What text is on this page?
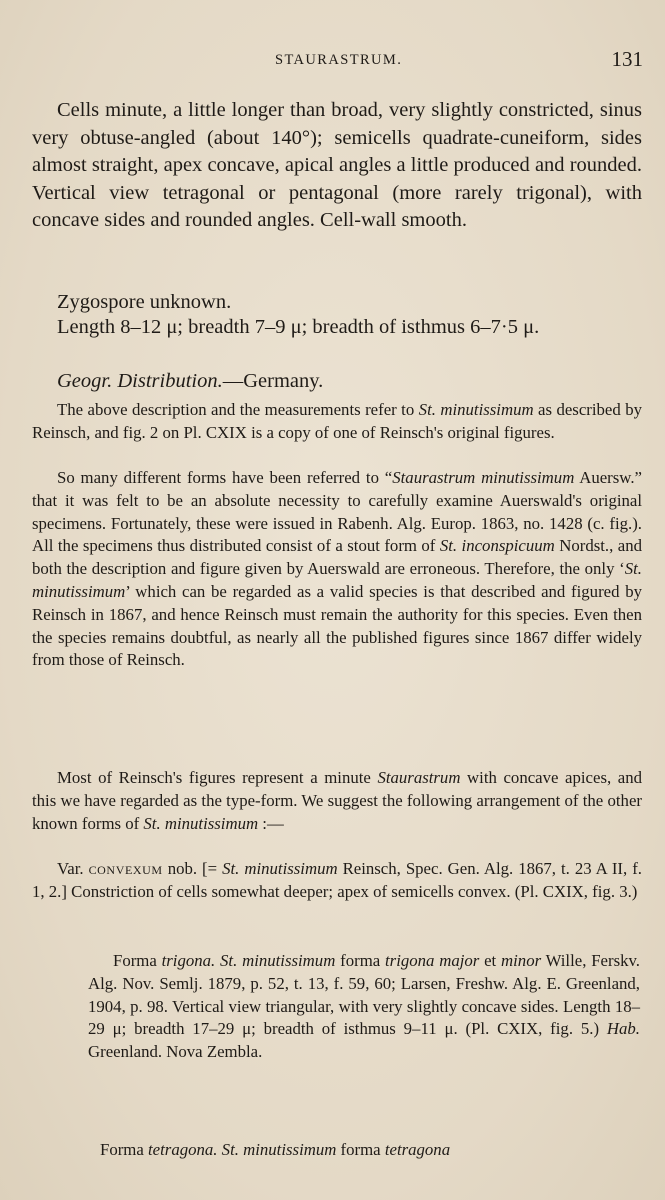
STAURASTRUM.	131

Cells minute, a little longer than broad, very slightly constricted, sinus very obtuse-angled (about 140°); semicells quadrate-cuneiform, sides almost straight, apex concave, apical angles a little produced and rounded. Vertical view tetragonal or pentagonal (more rarely trigonal), with concave sides and rounded angles. Cell-wall smooth.

Zygospore unknown.

Length 8–12 μ; breadth 7–9 μ; breadth of isthmus 6–7·5 μ.

Geogr. Distribution.—Germany.

The above description and the measurements refer to St. minutissimum as described by Reinsch, and fig. 2 on Pl. CXIX is a copy of one of Reinsch's original figures.

So many different forms have been referred to “Staurastrum minutissimum Auersw.” that it was felt to be an absolute necessity to carefully examine Auerswald's original specimens. Fortunately, these were issued in Rabenh. Alg. Europ. 1863, no. 1428 (c. fig.). All the specimens thus distributed consist of a stout form of St. inconspicuum Nordst., and both the description and figure given by Auerswald are erroneous. Therefore, the only ‘St. minutissimum’ which can be regarded as a valid species is that described and figured by Reinsch in 1867, and hence Reinsch must remain the authority for this species. Even then the species remains doubtful, as nearly all the published figures since 1867 differ widely from those of Reinsch.

Most of Reinsch's figures represent a minute Staurastrum with concave apices, and this we have regarded as the type-form. We suggest the following arrangement of the other known forms of St. minutissimum :—

Var. convexum nob. [= St. minutissimum Reinsch, Spec. Gen. Alg. 1867, t. 23 A II, f. 1, 2.] Constriction of cells somewhat deeper; apex of semicells convex. (Pl. CXIX, fig. 3.)

Forma trigona. St. minutissimum forma trigona major et minor Wille, Ferskv. Alg. Nov. Semlj. 1879, p. 52, t. 13, f. 59, 60; Larsen, Freshw. Alg. E. Greenland, 1904, p. 98. Vertical view triangular, with very slightly concave sides. Length 18–29 μ; breadth 17–29 μ; breadth of isthmus 9–11 μ. (Pl. CXIX, fig. 5.) Hab. Greenland. Nova Zembla.

Forma tetragona. St. minutissimum forma tetragona
